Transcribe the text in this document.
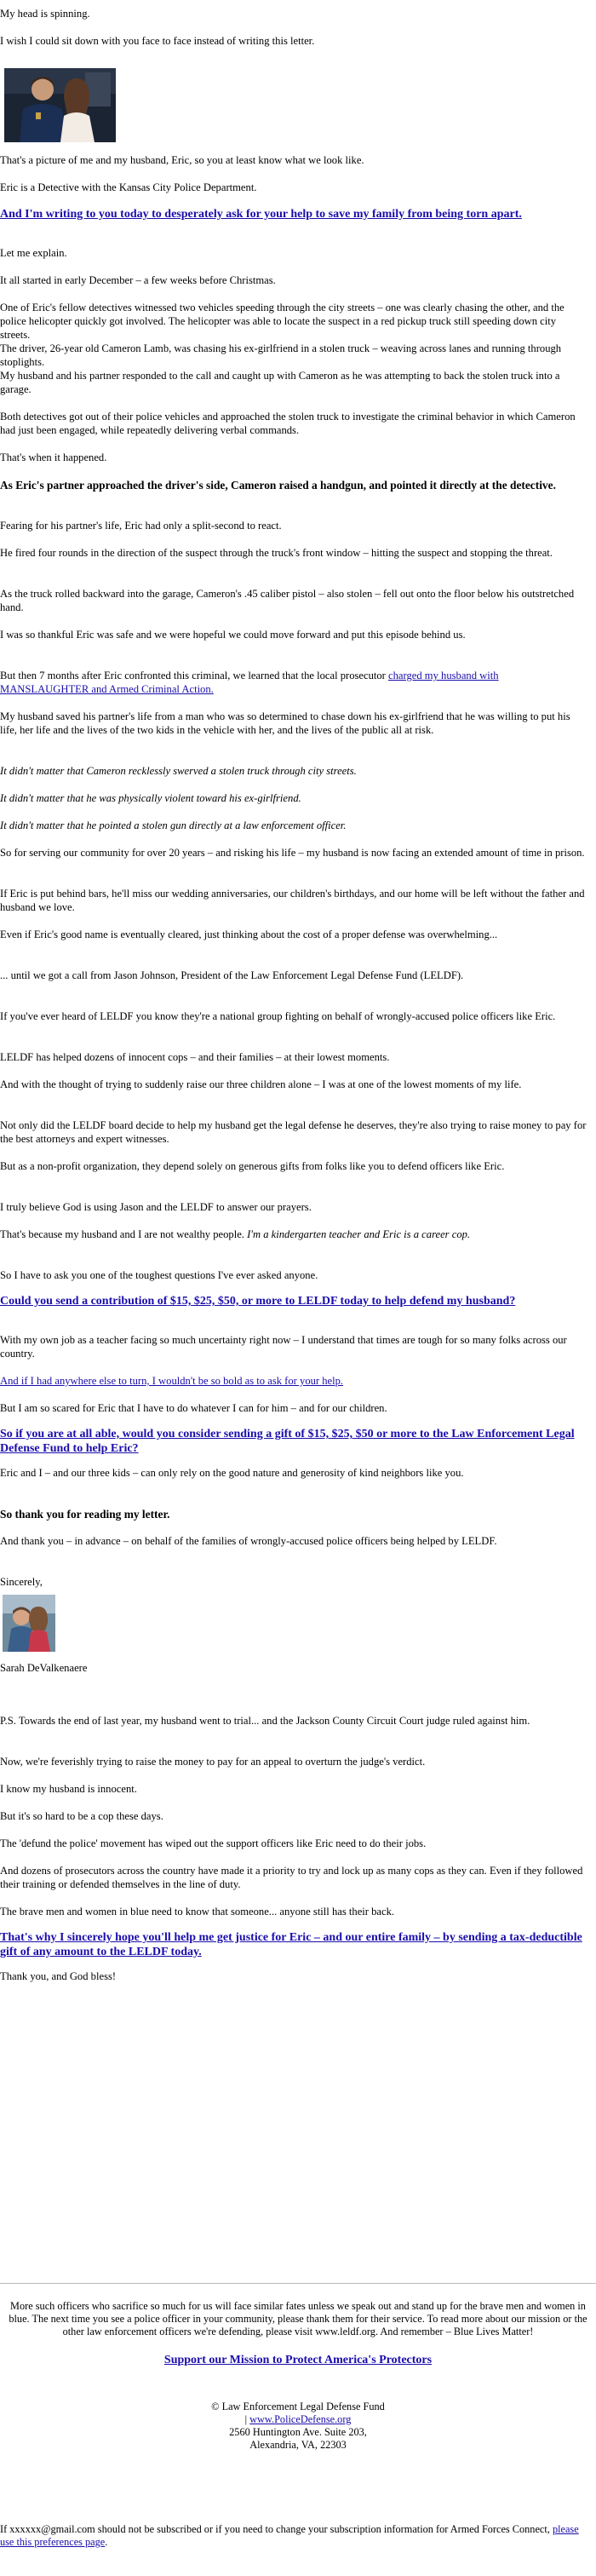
My head is spinning.

I wish I could sit down with you face to face instead of writing this letter.

That's a picture of me and my husband, Eric, so you at least know what we look like.

Eric is a Detective with the Kansas City Police Department.

And I'm writing to you today to desperately ask for your help to save my family from being torn apart.

Let me explain.

It all started in early December – a few weeks before Christmas.

One of Eric's fellow detectives witnessed two vehicles speeding through the city streets – one was clearly chasing the other, and the police helicopter quickly got involved. The helicopter was able to locate the suspect in a red pickup truck still speeding down city streets.

The driver, 26-year old Cameron Lamb, was chasing his ex-girlfriend in a stolen truck – weaving across lanes and running through stoplights.

My husband and his partner responded to the call and caught up with Cameron as he was attempting to back the stolen truck into a garage.

Both detectives got out of their police vehicles and approached the stolen truck to investigate the criminal behavior in which Cameron had just been engaged, while repeatedly delivering verbal commands.

That's when it happened.

As Eric's partner approached the driver's side, Cameron raised a handgun, and pointed it directly at the detective.

Fearing for his partner's life, Eric had only a split-second to react.

He fired four rounds in the direction of the suspect through the truck's front window – hitting the suspect and stopping the threat.

As the truck rolled backward into the garage, Cameron's .45 caliber pistol – also stolen – fell out onto the floor below his outstretched hand.

I was so thankful Eric was safe and we were hopeful we could move forward and put this episode behind us.

But then 7 months after Eric confronted this criminal, we learned that the local prosecutor charged my husband with MANSLAUGHTER and Armed Criminal Action.

My husband saved his partner's life from a man who was so determined to chase down his ex-girlfriend that he was willing to put his life, her life and the lives of the two kids in the vehicle with her, and the lives of the public all at risk.

It didn't matter that Cameron recklessly swerved a stolen truck through city streets.

It didn't matter that he was physically violent toward his ex-girlfriend.

It didn't matter that he pointed a stolen gun directly at a law enforcement officer.

So for serving our community for over 20 years – and risking his life – my husband is now facing an extended amount of time in prison.

If Eric is put behind bars, he'll miss our wedding anniversaries, our children's birthdays, and our home will be left without the father and husband we love.

Even if Eric's good name is eventually cleared, just thinking about the cost of a proper defense was overwhelming...

... until we got a call from Jason Johnson, President of the Law Enforcement Legal Defense Fund (LELDF).

If you've ever heard of LELDF you know they're a national group fighting on behalf of wrongly-accused police officers like Eric.

LELDF has helped dozens of innocent cops – and their families – at their lowest moments.

And with the thought of trying to suddenly raise our three children alone – I was at one of the lowest moments of my life.

Not only did the LELDF board decide to help my husband get the legal defense he deserves, they're also trying to raise money to pay for the best attorneys and expert witnesses.

But as a non-profit organization, they depend solely on generous gifts from folks like you to defend officers like Eric.

I truly believe God is using Jason and the LELDF to answer our prayers.

That's because my husband and I are not wealthy people. I'm a kindergarten teacher and Eric is a career cop.

So I have to ask you one of the toughest questions I've ever asked anyone.

Could you send a contribution of $15, $25, $50, or more to LELDF today to help defend my husband?

With my own job as a teacher facing so much uncertainty right now – I understand that times are tough for so many folks across our country.

And if I had anywhere else to turn, I wouldn't be so bold as to ask for your help.

But I am so scared for Eric that I have to do whatever I can for him – and for our children.

So if you are at all able, would you consider sending a gift of $15, $25, $50 or more to the Law Enforcement Legal Defense Fund to help Eric?

Eric and I – and our three kids – can only rely on the good nature and generosity of kind neighbors like you.

So thank you for reading my letter.

And thank you – in advance – on behalf of the families of wrongly-accused police officers being helped by LELDF.

Sincerely,

Sarah DeValkenaere

P.S. Towards the end of last year, my husband went to trial... and the Jackson County Circuit Court judge ruled against him.

Now, we're feverishly trying to raise the money to pay for an appeal to overturn the judge's verdict.

I know my husband is innocent.

But it's so hard to be a cop these days.

The 'defund the police' movement has wiped out the support officers like Eric need to do their jobs.

And dozens of prosecutors across the country have made it a priority to try and lock up as many cops as they can. Even if they followed their training or defended themselves in the line of duty.

The brave men and women in blue need to know that someone... anyone still has their back.

That's why I sincerely hope you'll help me get justice for Eric – and our entire family – by sending a tax-deductible gift of any amount to the LELDF today.

Thank you, and God bless!

More such officers who sacrifice so much for us will face similar fates unless we speak out and stand up for the brave men and women in blue. The next time you see a police officer in your community, please thank them for their service. To read more about our mission or the other law enforcement officers we're defending, please visit www.leldf.org. And remember – Blue Lives Matter!

Support our Mission to Protect America's Protectors

© Law Enforcement Legal Defense Fund

| www.PoliceDefense.org

2560 Huntington Ave. Suite 203,

Alexandria, VA, 22303

If xxxxxx@gmail.com should not be subscribed or if you need to change your subscription information for Armed Forces Connect, please use this preferences page.
